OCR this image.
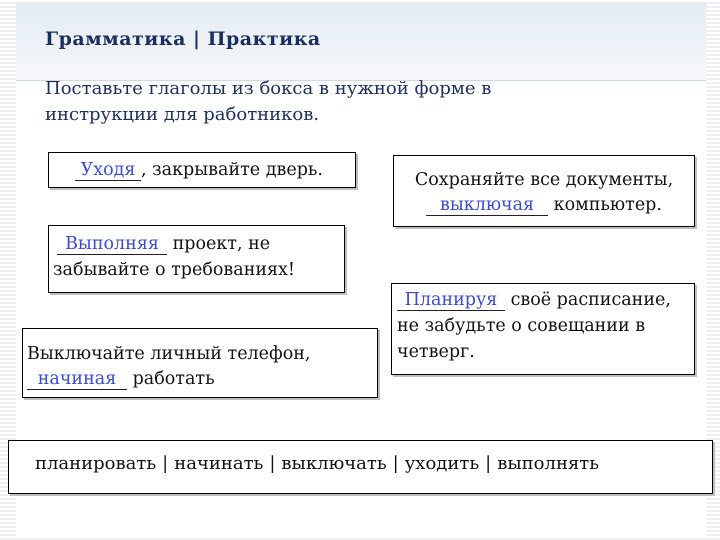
Грамматика | Практика
Поставьте глаголы из бокса в нужной форме в инструкции для работников.
Уходя , закрывайте дверь.	Сохраняйте все документы,
выключая компьютер.
Выполняя проект, не
забывайте о требованиях!
Планируя своё расписание,
не забудьте о совещании в
четверг.
Выключайте личный телефон,
начиная работать
планировать | начинать | выключать | уходить | выполнять
